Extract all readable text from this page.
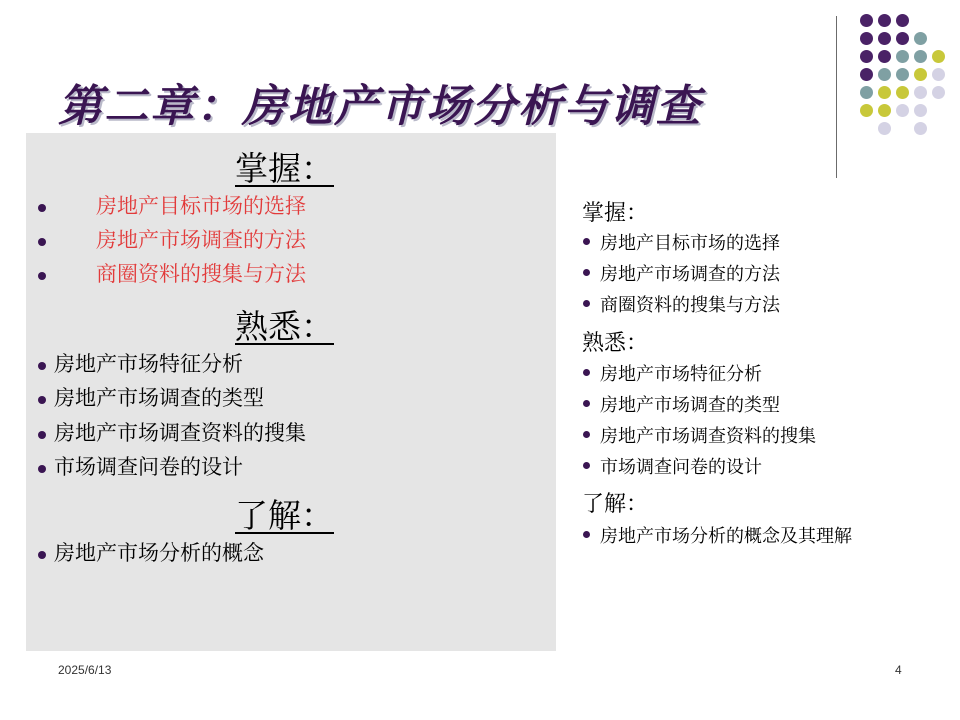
第二章：房地产市场分析与调查
掌握：
房地产目标市场的选择
房地产市场调查的方法
商圈资料的搜集与方法
熟悉：
房地产市场特征分析
房地产市场调查的类型
房地产市场调查资料的搜集
市场调查问卷的设计
了解：
房地产市场分析的概念
掌握：
房地产目标市场的选择
房地产市场调查的方法
商圈资料的搜集与方法
熟悉：
房地产市场特征分析
房地产市场调查的类型
房地产市场调查资料的搜集
市场调查问卷的设计
了解：
房地产市场分析的概念及其理解
2025/6/13	4
